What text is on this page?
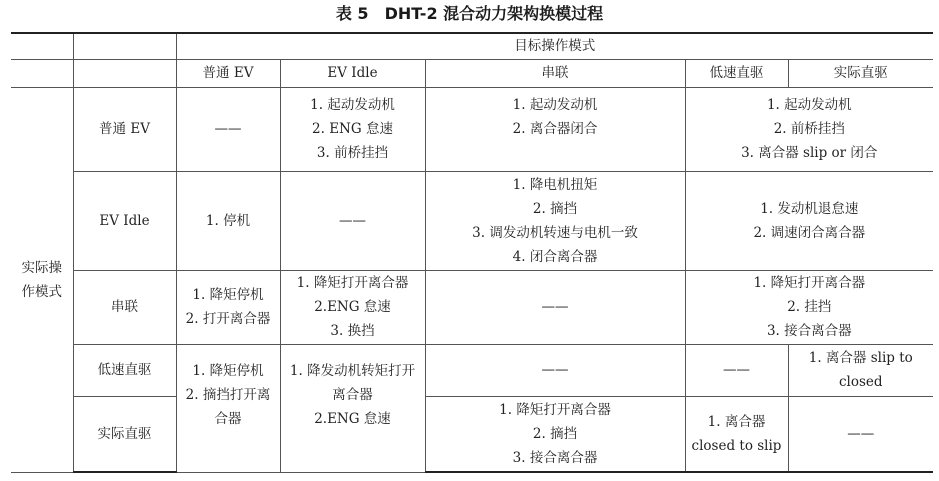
表 5 DHT-2 混合动力架构换模过程
		目标操作模式				
		普通 EV	EV Idle	串联	低速直驱	实际直驱

实际操
作模式	普通 EV	——	1. 起动发动机
2. ENG 怠速
3. 前桥挂挡	1. 起动发动机
2. 离合器闭合	1. 起动发动机
2. 前桥挂挡
3. 离合器 slip or 闭合	

	EV Idle	1. 停机	——	1. 降电机扭矩
2. 摘挡
3. 调发动机转速与电机一致
4. 闭合离合器	1. 发动机退怠速
2. 调速闭合离合器	

	串联	1. 降矩停机
2. 打开离合器	1. 降矩打开离合器
2.ENG 怠速
3. 换挡	——	1. 降矩打开离合器
2. 挂挡
3. 接合离合器	

	低速直驱	1. 降矩停机
2. 摘挡打开离
合器	1. 降发动机转矩打开
离合器
2.ENG 怠速	——	——	1. 离合器 slip to
closed

	实际直驱			1. 降矩打开离合器
2. 摘挡
3. 接合离合器	1. 离合器
closed to slip	——
